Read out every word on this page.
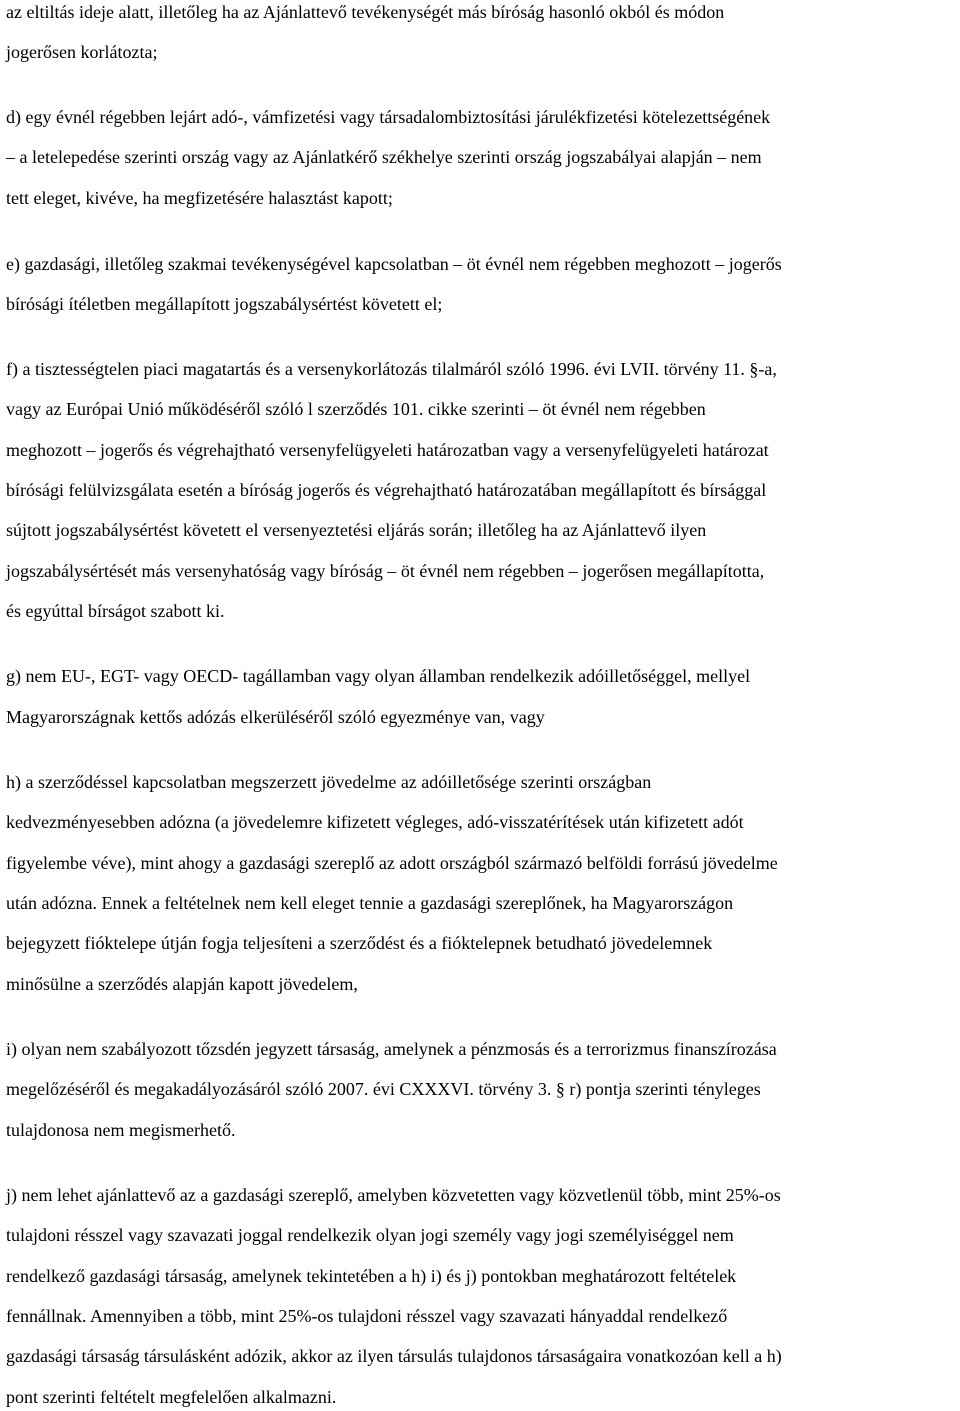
az eltiltás ideje alatt, illetőleg ha az Ajánlattevő tevékenységét más bíróság hasonló okból és módon
jogerősen korlátozta;
d) egy évnél régebben lejárt adó-, vámfizetési vagy társadalombiztosítási járulékfizetési kötelezettségének
– a letelepedése szerinti ország vagy az Ajánlatkérő székhelye szerinti ország jogszabályai alapján – nem
tett eleget, kivéve, ha megfizetésére halasztást kapott;
e) gazdasági, illetőleg szakmai tevékenységével kapcsolatban – öt évnél nem régebben meghozott – jogerős
bírósági ítéletben megállapított jogszabálysértést követett el;
f) a tisztességtelen piaci magatartás és a versenykorlátozás tilalmáról szóló 1996. évi LVII. törvény 11. §-a,
vagy az Európai Unió működéséről szóló l szerződés 101. cikke szerinti – öt évnél nem régebben
meghozott – jogerős és végrehajtható versenyfelügyeleti határozatban vagy a versenyfelügyeleti határozat
bírósági felülvizsgálata esetén a bíróság jogerős és végrehajtható határozatában megállapított és bírsággal
sújtott jogszabálysértést követett el versenyeztetési eljárás során; illetőleg ha az Ajánlattevő ilyen
jogszabálysértését más versenyhatóság vagy bíróság – öt évnél nem régebben – jogerősen megállapította,
és egyúttal bírságot szabott ki.
g) nem EU-, EGT- vagy OECD- tagállamban vagy olyan államban rendelkezik adóilletőséggel, mellyel
Magyarországnak kettős adózás elkerüléséről szóló egyezménye van, vagy
h) a szerződéssel kapcsolatban megszerzett jövedelme az adóilletősége szerinti országban
kedvezményesebben adózna (a jövedelemre kifizetett végleges, adó-visszatérítések után kifizetett adót
figyelembe véve), mint ahogy a gazdasági szereplő az adott országból származó belföldi forrású jövedelme
után adózna. Ennek a feltételnek nem kell eleget tennie a gazdasági szereplőnek, ha Magyarországon
bejegyzett fióktelepe útján fogja teljesíteni a szerződést és a fióktelepnek betudható jövedelemnek
minősülne a szerződés alapján kapott jövedelem,
i) olyan nem szabályozott tőzsdén jegyzett társaság, amelynek a pénzmosás és a terrorizmus finanszírozása
megelőzéséről és megakadályozásáról szóló 2007. évi CXXXVI. törvény 3. § r) pontja szerinti tényleges
tulajdonosa nem megismerhető.
j) nem lehet ajánlattevő az a gazdasági szereplő, amelyben közvetetten vagy közvetlenül több, mint 25%-os
tulajdoni résszel vagy szavazati joggal rendelkezik olyan jogi személy vagy jogi személyiséggel nem
rendelkező gazdasági társaság, amelynek tekintetében a h) i) és j) pontokban meghatározott feltételek
fennállnak. Amennyiben a több, mint 25%-os tulajdoni résszel vagy szavazati hányaddal rendelkező
gazdasági társaság társulásként adózik, akkor az ilyen társulás tulajdonos társaságaira vonatkozóan kell a h)
pont szerinti feltételt megfelelően alkalmazni.
